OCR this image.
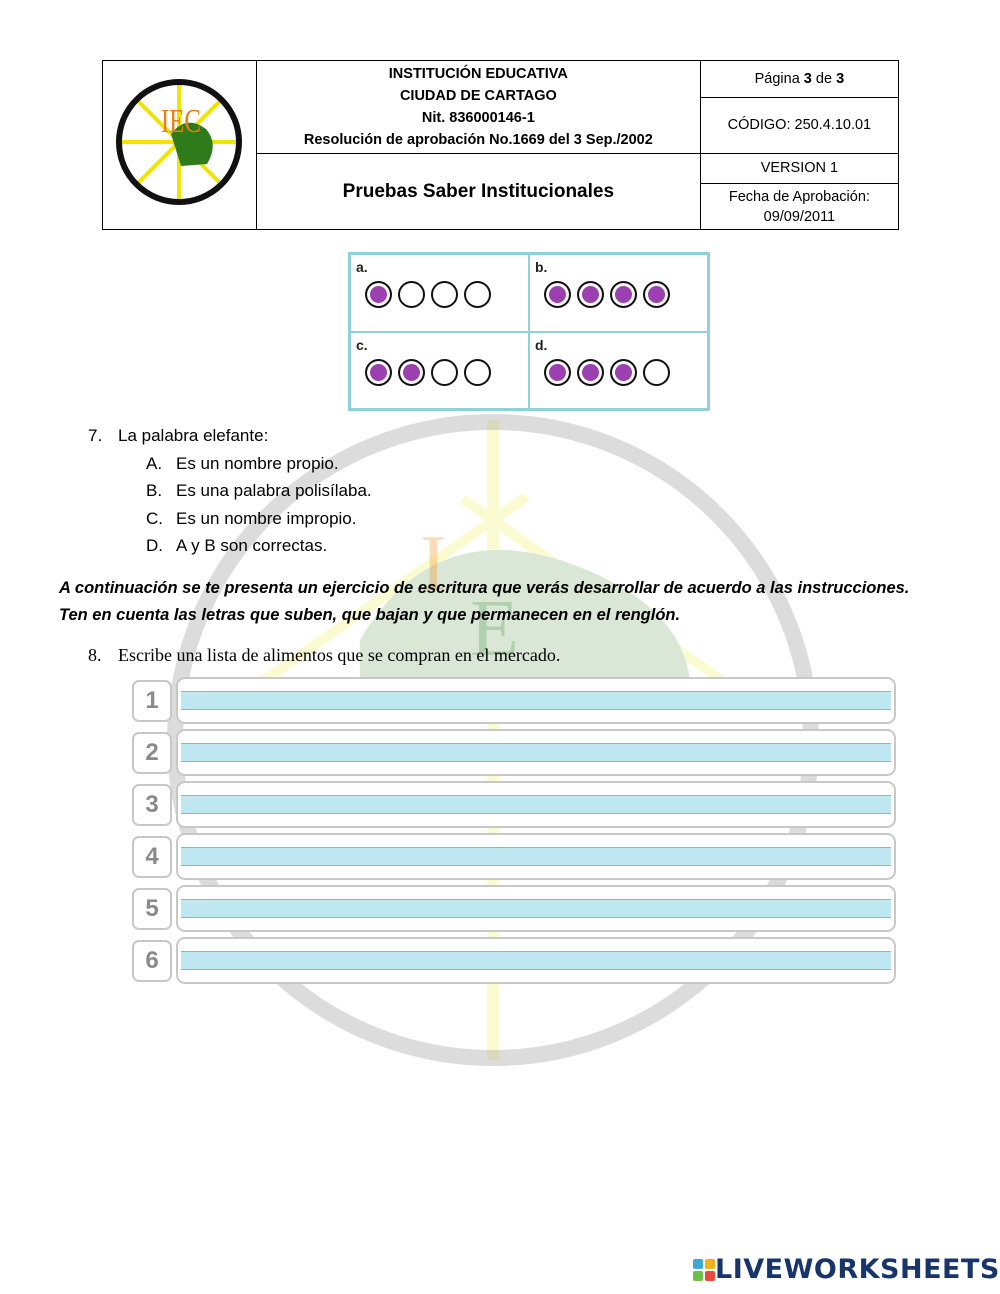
I
E
IEC	INSTITUCIÓN EDUCATIVA
CIUDAD DE CARTAGO
Nit. 836000146-1
Resolución de aprobación No.1669 del 3 Sep./2002	Página 3 de 3
		CÓDIGO: 250.4.10.01
	Pruebas Saber Institucionales	VERSION 1

		Fecha de Aprobación:
09/09/2011
a.	b.
c.	d.
7. La palabra elefante:
A. Es un nombre propio.
B. Es una palabra polisílaba.
C. Es un nombre impropio.
D. A y B son correctas.
A continuación se te presenta un ejercicio de escritura que verás desarrollar de acuerdo a las instrucciones.
Ten en cuenta las letras que suben, que bajan y que permanecen en el renglón.
8. Escribe una lista de alimentos que se compran en el mercado.
1
2
3
4
5
6
LIVEWORKSHEETS
